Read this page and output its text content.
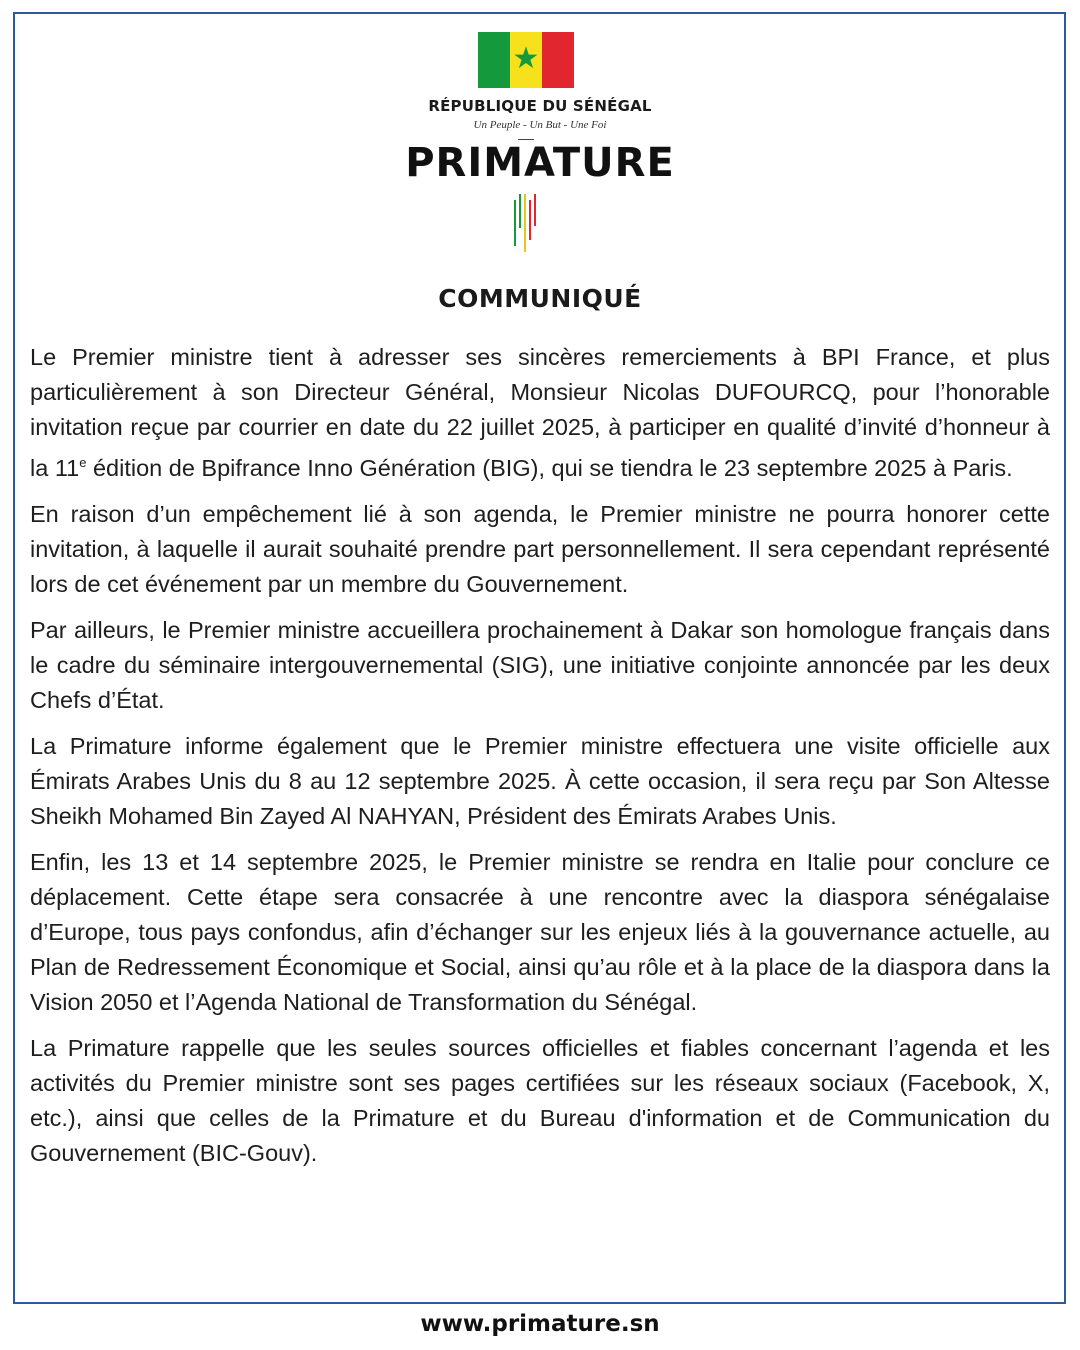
★
RÉPUBLIQUE DU SÉNÉGAL
Un Peuple - Un But - Une Foi
PRIMATURE
COMMUNIQUÉ

Le Premier ministre tient à adresser ses sincères remerciements à BPI France, et plus particulièrement à son Directeur Général, Monsieur Nicolas DUFOURCQ, pour l’honorable invitation reçue par courrier en date du 22 juillet 2025, à participer en qualité d’invité d’honneur à la 11e édition de Bpifrance Inno Génération (BIG), qui se tiendra le 23 septembre 2025 à Paris.

En raison d’un empêchement lié à son agenda, le Premier ministre ne pourra honorer cette invitation, à laquelle il aurait souhaité prendre part personnellement. Il sera cependant représenté lors de cet événement par un membre du Gouvernement.

Par ailleurs, le Premier ministre accueillera prochainement à Dakar son homologue français dans le cadre du séminaire intergouvernemental (SIG), une initiative conjointe annoncée par les deux Chefs d’État.

La Primature informe également que le Premier ministre effectuera une visite officielle aux Émirats Arabes Unis du 8 au 12 septembre 2025. À cette occasion, il sera reçu par Son Altesse Sheikh Mohamed Bin Zayed Al NAHYAN, Président des Émirats Arabes Unis.

Enfin, les 13 et 14 septembre 2025, le Premier ministre se rendra en Italie pour conclure ce déplacement. Cette étape sera consacrée à une rencontre avec la diaspora sénégalaise d’Europe, tous pays confondus, afin d’échanger sur les enjeux liés à la gouvernance actuelle, au Plan de Redressement Économique et Social, ainsi qu’au rôle et à la place de la diaspora dans la Vision 2050 et l’Agenda National de Transformation du Sénégal.

La Primature rappelle que les seules sources officielles et fiables concernant l’agenda et les activités du Premier ministre sont ses pages certifiées sur les réseaux sociaux (Facebook, X, etc.), ainsi que celles de la Primature et du Bureau d'information et de Communication du Gouvernement (BIC-Gouv).

www.primature.sn
